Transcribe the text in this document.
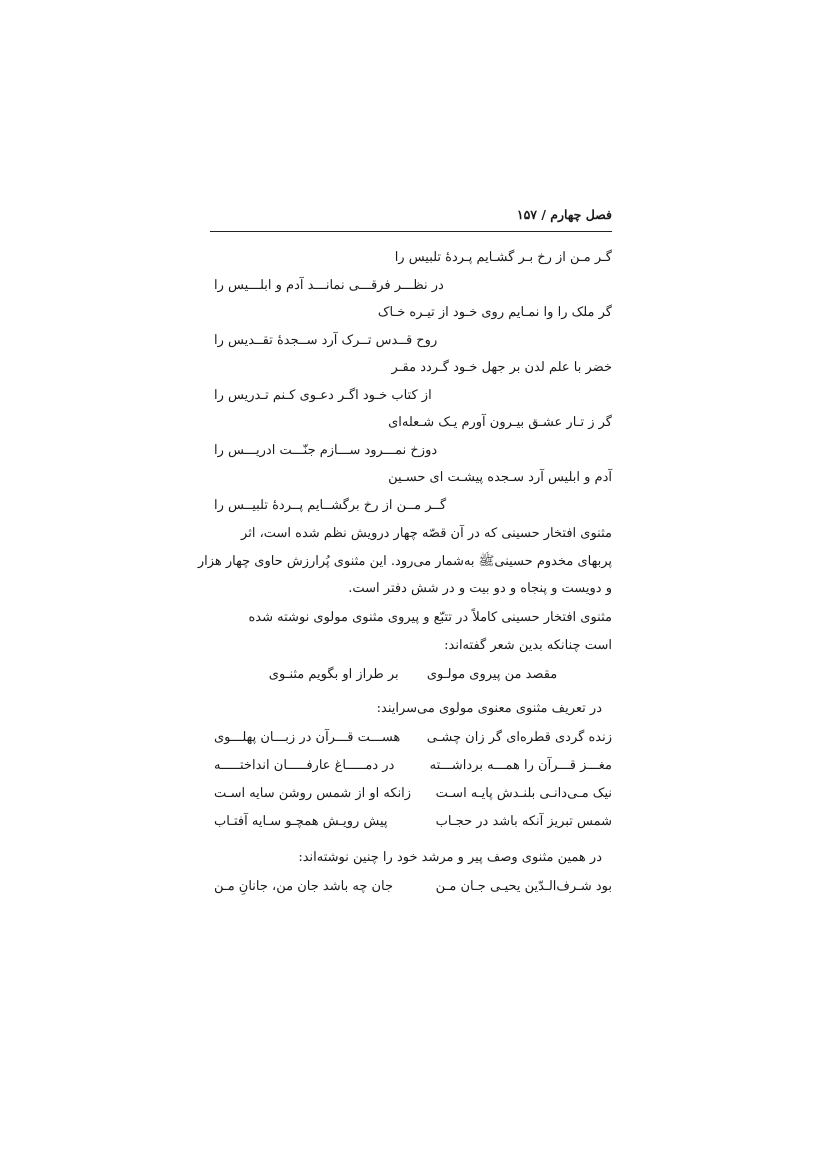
فصل چهارم / ۱۵۷
گـر مـن از رخ بـر گشـایم پـردهٔ تلبیس را
در نظـــر فرقـــی نمانـــد آدم و ابلـــیس را
گر ملک را وا نمـایم روی خـود از تیـره خـاک
روح قــدس تــرک آرد ســجدهٔ تقــدیس را
خضر با علم لدن بر جهل خـود گـردد مقـر
از کتاب خـود اگـر دعـوی کـنم تـدریس را
گر ز تـار عشـق بیـرون آورم یـک شـعله‌ای
دوزخ نمـــرود ســـازم جنّـــت ادریـــس را
آدم و ابلیس آرد سـجده پیشـت ای حسـین
گــر مــن از رخ برگشــایم پــردهٔ تلبیــس را
مثنوی افتخار حسینی که در آن قصّه چهار درویش نظم شده است، اثر
پربهای مخدوم حسینیﷺ به‌شمار می‌رود. این مثنوی پُرارزش حاوی چهار هزار
و دویست و پنجاه و دو بیت و در شش دفتر است.
مثنوی افتخار حسینی کاملاً در تتبّع و پیروی مثنوی مولوی نوشته شده
است چنانکه بدین شعر گفته‌اند:
مقصد من پیروی مولـوی بر طراز او بگویم مثنـوی
در تعریف مثنوی معنوی مولوی می‌سرایند:
زنده گردی قطره‌ای گر زان چشـی
هســـت قـــرآن در زبـــان پهلـــوی
مغـــز قـــرآن را همـــه برداشـــته
در دمـــــاغ عارفـــــان انداختـــــه
نیک مـی‌دانـی بلنـدش پایـه اسـت
زانکه او از شمس روشن سایه اسـت
شمس تبریز آنکه باشد در حجـاب
پیش رویـش همچـو سـایه آفتـاب
در همین مثنوی وصف پیر و مرشد خود را چنین نوشته‌اند:
بود شـرف‌الـدّین یحیـی جـان مـن
جان چه باشد جان من، جانانِ مـن
